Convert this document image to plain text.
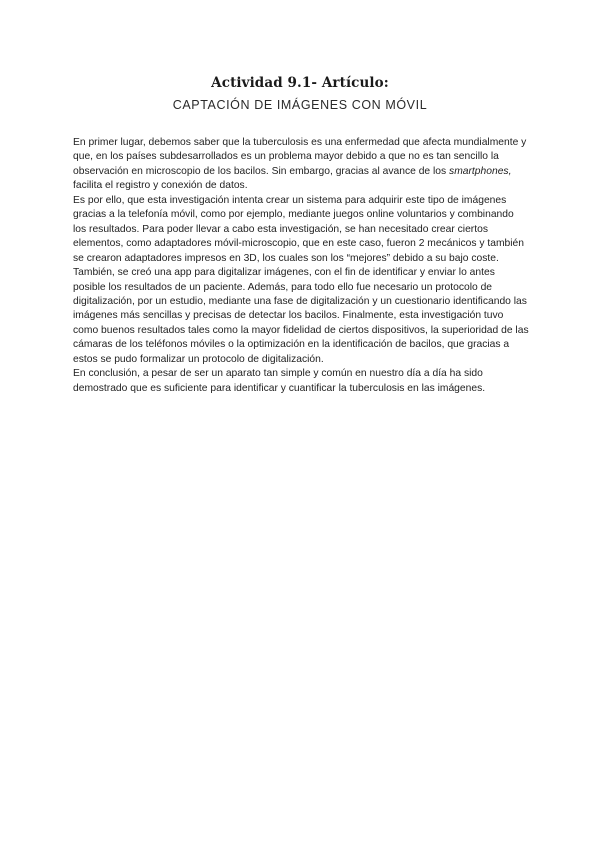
Actividad 9.1- Artículo:
CAPTACIÓN DE IMÁGENES CON MÓVIL

En primer lugar, debemos saber que la tuberculosis es una enfermedad que afecta mundialmente y que, en los países subdesarrollados es un problema mayor debido a que no es tan sencillo la observación en microscopio de los bacilos. Sin embargo, gracias al avance de los smartphones, facilita el registro y conexión de datos.

Es por ello, que esta investigación intenta crear un sistema para adquirir este tipo de imágenes gracias a la telefonía móvil, como por ejemplo, mediante juegos online voluntarios y combinando los resultados. Para poder llevar a cabo esta investigación, se han necesitado crear ciertos elementos, como adaptadores móvil-microscopio, que en este caso, fueron 2 mecánicos y también se crearon adaptadores impresos en 3D, los cuales son los “mejores” debido a su bajo coste. También, se creó una app para digitalizar imágenes, con el fin de identificar y enviar lo antes posible los resultados de un paciente. Además, para todo ello fue necesario un protocolo de digitalización, por un estudio, mediante una fase de digitalización y un cuestionario identificando las imágenes más sencillas y precisas de detectar los bacilos. Finalmente, esta investigación tuvo como buenos resultados tales como la mayor fidelidad de ciertos dispositivos, la superioridad de las cámaras de los teléfonos móviles o la optimización en la identificación de bacilos, que gracias a estos se pudo formalizar un protocolo de digitalización.

En conclusión, a pesar de ser un aparato tan simple y común en nuestro día a día ha sido demostrado que es suficiente para identificar y cuantificar la tuberculosis en las imágenes.
